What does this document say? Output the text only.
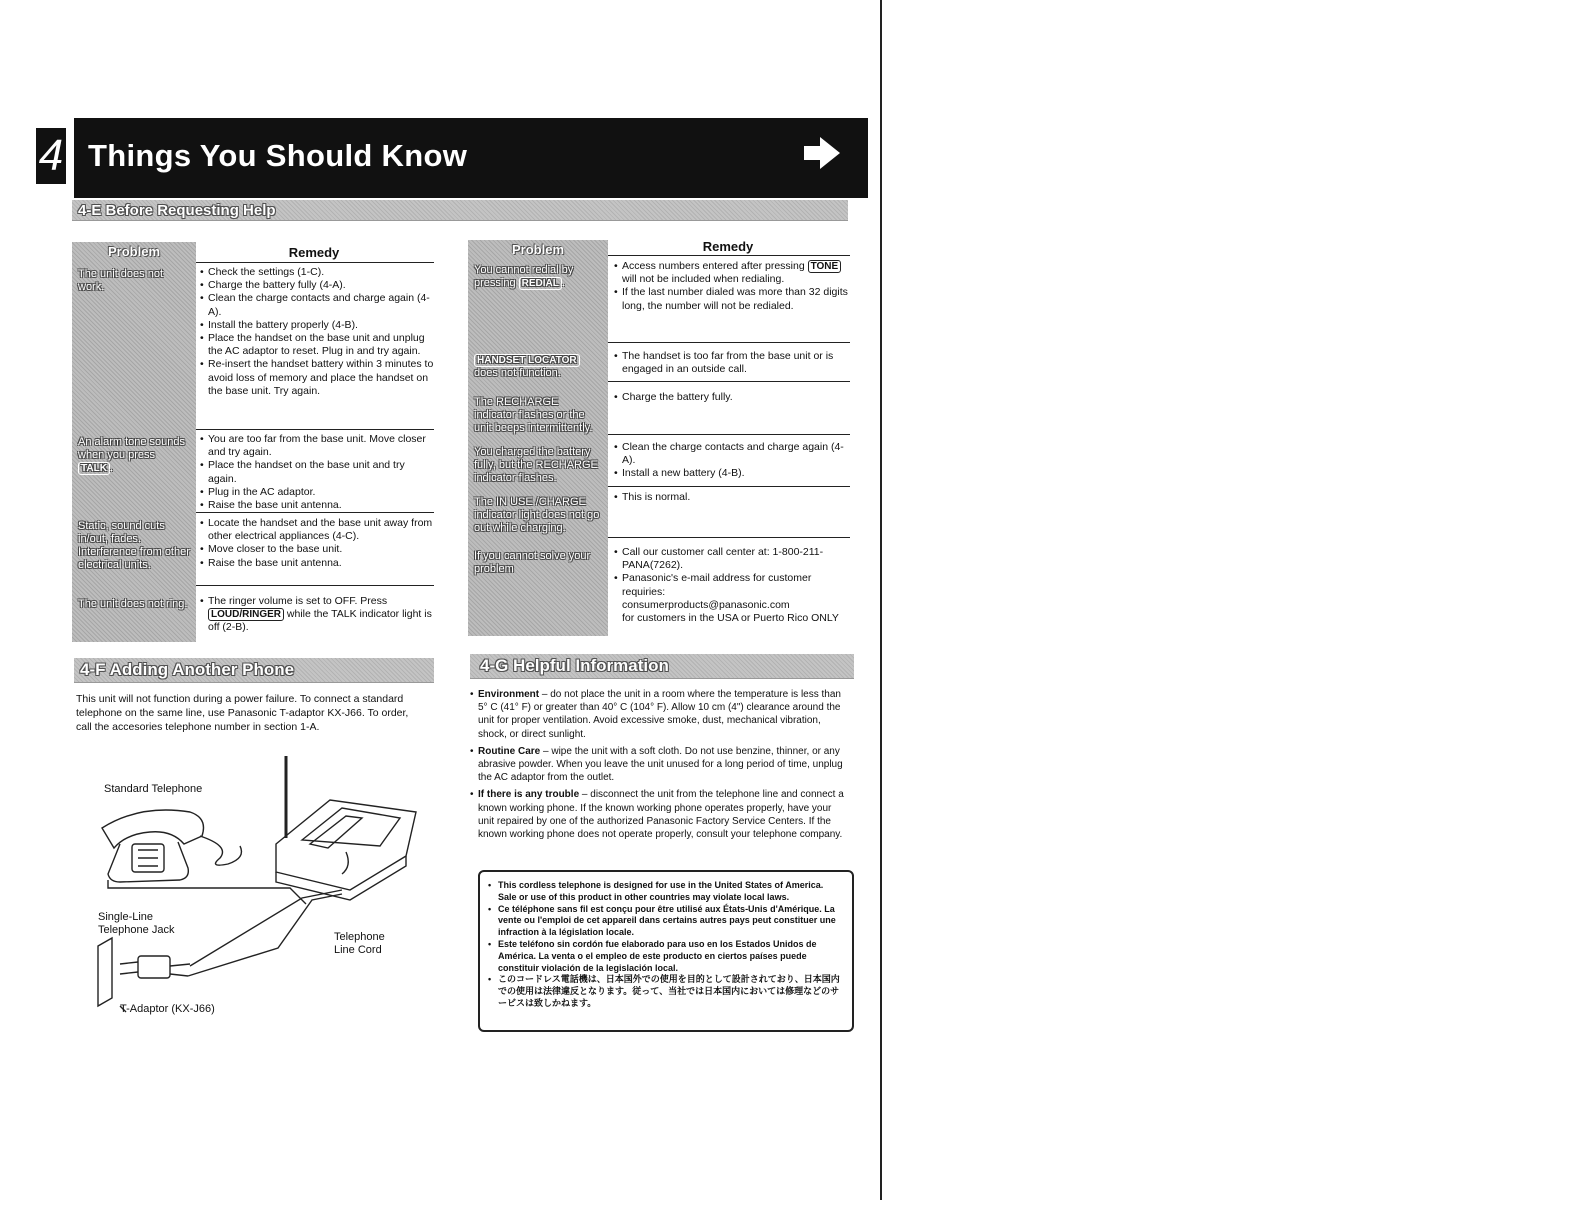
4 Things You Should Know
4-E Before Requesting Help
Problem	Remedy
The unit does not work.
• Check the settings (1-C).
• Charge the battery fully (4-A).
• Clean the charge contacts and charge again (4-A).
• Install the battery properly (4-B).
• Place the handset on the base unit and unplug the AC adaptor to reset. Plug in and try again.
• Re-insert the handset battery within 3 minutes to avoid loss of memory and place the handset on the base unit. Try again.
An alarm tone sounds when you press TALK .
• You are too far from the base unit. Move closer and try again.
• Place the handset on the base unit and try again.
• Plug in the AC adaptor.
• Raise the base unit antenna.
Static, sound cuts in/out, fades. Interference from other electrical units.
• Locate the handset and the base unit away from other electrical appliances (4-C).
• Move closer to the base unit.
• Raise the base unit antenna.
The unit does not ring.
•	The ringer volume is set to OFF. Press LOUD/RINGER while the TALK indicator light is off (2-B).
Problem	Remedy
You cannot redial by pressing REDIAL .
• Access numbers entered after pressing TONE will not be included when redialing.
• If the last number dialed was more than 32 digits long, the number will not be redialed.
HANDSET LOCATOR does not function.
• The handset is too far from the base unit or is engaged in an outside call.
The RECHARGE indicator flashes or the unit beeps intermittently.
• Charge the battery fully.
You charged the battery fully, but the RECHARGE indicator flashes.
• Clean the charge contacts and charge again (4-A).
• Install a new battery (4-B).
The IN USE /CHARGE indicator light does not go out while charging.
• This is normal.
If you cannot solve your problem
• Call our customer call center at: 1-800-211-PANA(7262).
• Panasonic's e-mail address for customer requiries:
consumerproducts@panasonic.com
for customers in the USA or Puerto Rico ONLY
4-F Adding Another Phone
This unit will not function during a power failure. To connect a standard telephone on the same line, use Panasonic T-adaptor KX-J66. To order, call the accesories telephone number in section 1-A.
Standard Telephone
Single-Line
Telephone Jack
Telephone
Line Cord
T-Adaptor (KX-J66)
4-G Helpful Information
• Environment – do not place the unit in a room where the temperature is less than 5° C (41° F) or greater than 40° C (104° F). Allow 10 cm (4") clearance around the unit for proper ventilation. Avoid excessive smoke, dust, mechanical vibration, shock, or direct sunlight.
• Routine Care – wipe the unit with a soft cloth. Do not use benzine, thinner, or any abrasive powder. When you leave the unit unused for a long period of time, unplug the AC adaptor from the outlet.
• If there is any trouble – disconnect the unit from the telephone line and connect a known working phone. If the known working phone operates properly, have your unit repaired by one of the authorized Panasonic Factory Service Centers. If the known working phone does not operate properly, consult your telephone company.
• This cordless telephone is designed for use in the United States of America. Sale or use of this product in other countries may violate local laws.
• Ce téléphone sans fil est conçu pour être utilisé aux États-Unis d'Amérique. La vente ou l'emploi de cet appareil dans certains autres pays peut constituer une infraction à la législation locale.
• Este teléfono sin cordón fue elaborado para uso en los Estados Unidos de América. La venta o el empleo de este producto en ciertos países puede constituir violación de la legislación local.
• このコードレス電話機は、日本国外での使用を目的として設計されており、日本国内での使用は法律違反となります。従って、当社では日本国内においては修理などのサービスは致しかねます。
